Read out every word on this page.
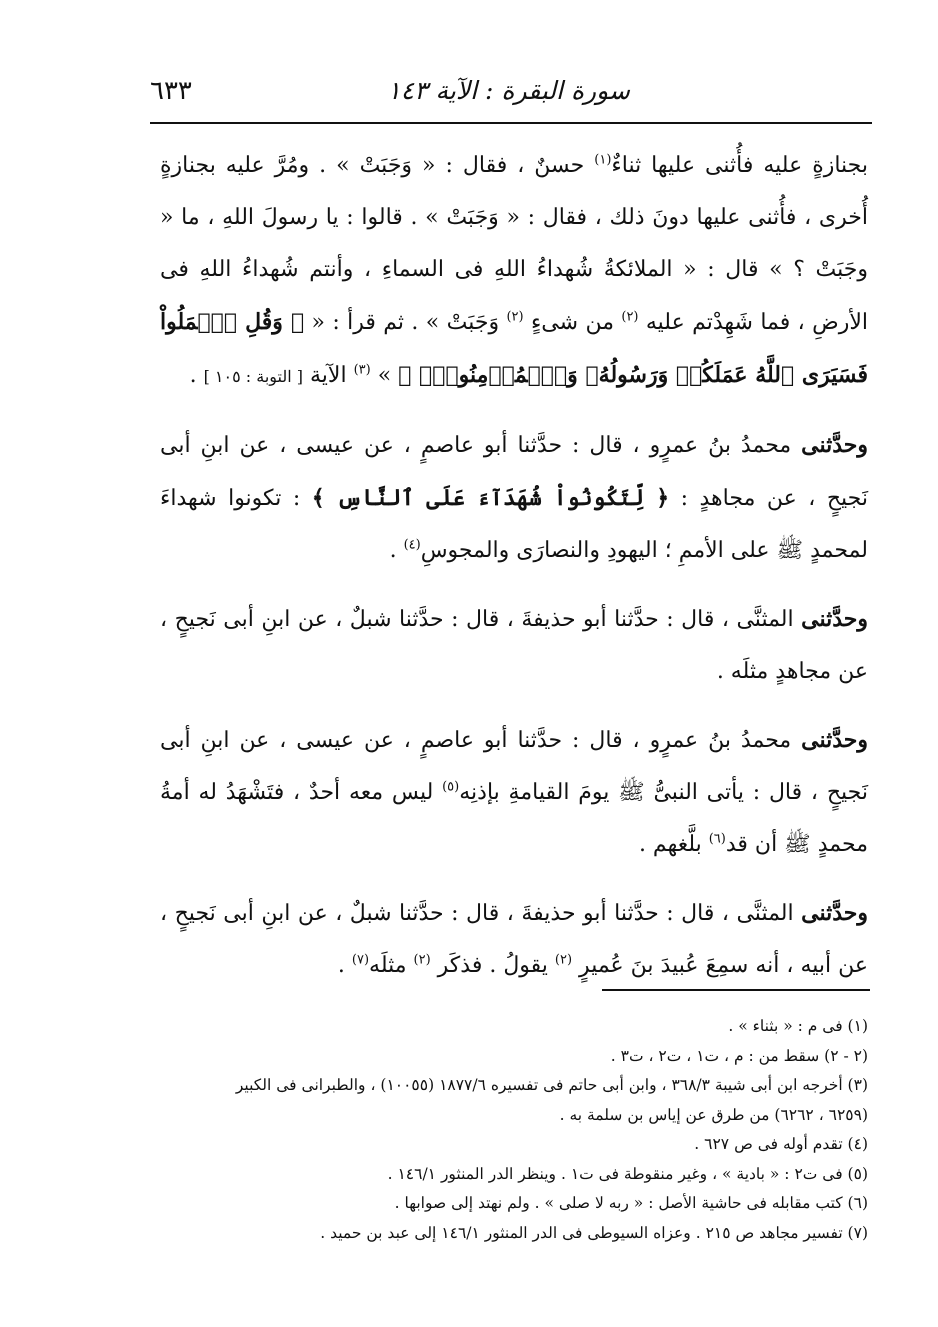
سورة البقرة : الآية ١٤٣
٦٣٣

بجنازةٍ عليه فأُثنى عليها ثناءٌ$^{(١)}$ حسنٌ ، فقال : « وَجَبَتْ » . ومُرَّ عليه بجنازةٍ أُخرى ، فأُثنى عليها دونَ ذلك ، فقال : « وَجَبَتْ » . قالوا : يا رسولَ اللهِ ، ما « وجَبَتْ ؟ » قال : « الملائكةُ شُهداءُ اللهِ فى السماءِ ، وأنتم شُهداءُ اللهِ فى الأرضِ ، فما شَهِدْتم عليه $^{(٢)}$ من شىءٍ $^{(٢)}$ وَجَبَتْ » . ثم قرأ : « ﴿ وَقُلِ ٱعۡمَلُواْ فَسَيَرَى ٱللَّهُ عَمَلَكُمۡ وَرَسُولُهُۥ وَٱلۡمُؤۡمِنُونَۖ ﴾ » $^{(٣)}$ الآية [ التوبة : ١٠٥ ] .

وحدَّثنى محمدُ بنُ عمرٍو ، قال : حدَّثنا أبو عاصمٍ ، عن عيسى ، عن ابنِ أبى نَجيحٍ ، عن مجاهدٍ : ﴿ لِّتَكُونُواْ شُهَدَآءَ عَلَى ٱلنَّاسِ ﴾ : تكونوا شهداءَ لمحمدٍ ﷺ على الأممِ ؛ اليهودِ والنصارَى والمجوسِ$^{(٤)}$ .

وحدَّثنى المثنَّى ، قال : حدَّثنا أبو حذيفةَ ، قال : حدَّثنا شبلٌ ، عن ابنِ أبى نَجيحٍ ، عن مجاهدٍ مثلَه .

وحدَّثنى محمدُ بنُ عمرٍو ، قال : حدَّثنا أبو عاصمٍ ، عن عيسى ، عن ابنِ أبى نَجيحٍ ، قال : يأتى النبىُّ ﷺ يومَ القيامةِ بإذنِه$^{(٥)}$ ليس معه أحدٌ ، فتَشْهَدُ له أمةُ محمدٍ ﷺ أن قد$^{(٦)}$ بلَّغهم .

وحدَّثنى المثنَّى ، قال : حدَّثنا أبو حذيفةَ ، قال : حدَّثنا شبلٌ ، عن ابنِ أبى نَجيحٍ ، عن أبيه ، أنه سمِعَ عُبيدَ بنَ عُميرٍ $^{(٢)}$ يقولُ . فذكَر $^{(٢)}$ مثلَه$^{(٧)}$ .

(١) فى م : « بثناء » .

(٢ - ٢) سقط من : م ، ت١ ، ت٢ ، ت٣ .

(٣) أخرجه ابن أبى شيبة ٣٦٨/٣ ، وابن أبى حاتم فى تفسيره ١٨٧٧/٦ (١٠٠٥٥) ، والطبرانى فى الكبير

(٦٢٥٩ ، ٦٢٦٢) من طرق عن إياس بن سلمة به .

(٤) تقدم أوله فى ص ٦٢٧ .

(٥) فى ت٢ : « بادية » ، وغير منقوطة فى ت١ . وينظر الدر المنثور ١٤٦/١ .

(٦) كتب مقابله فى حاشية الأصل : « ربه لا صلى » . ولم نهتد إلى صوابها .

(٧) تفسير مجاهد ص ٢١٥ . وعزاه السيوطى فى الدر المنثور ١٤٦/١ إلى عبد بن حميد .
